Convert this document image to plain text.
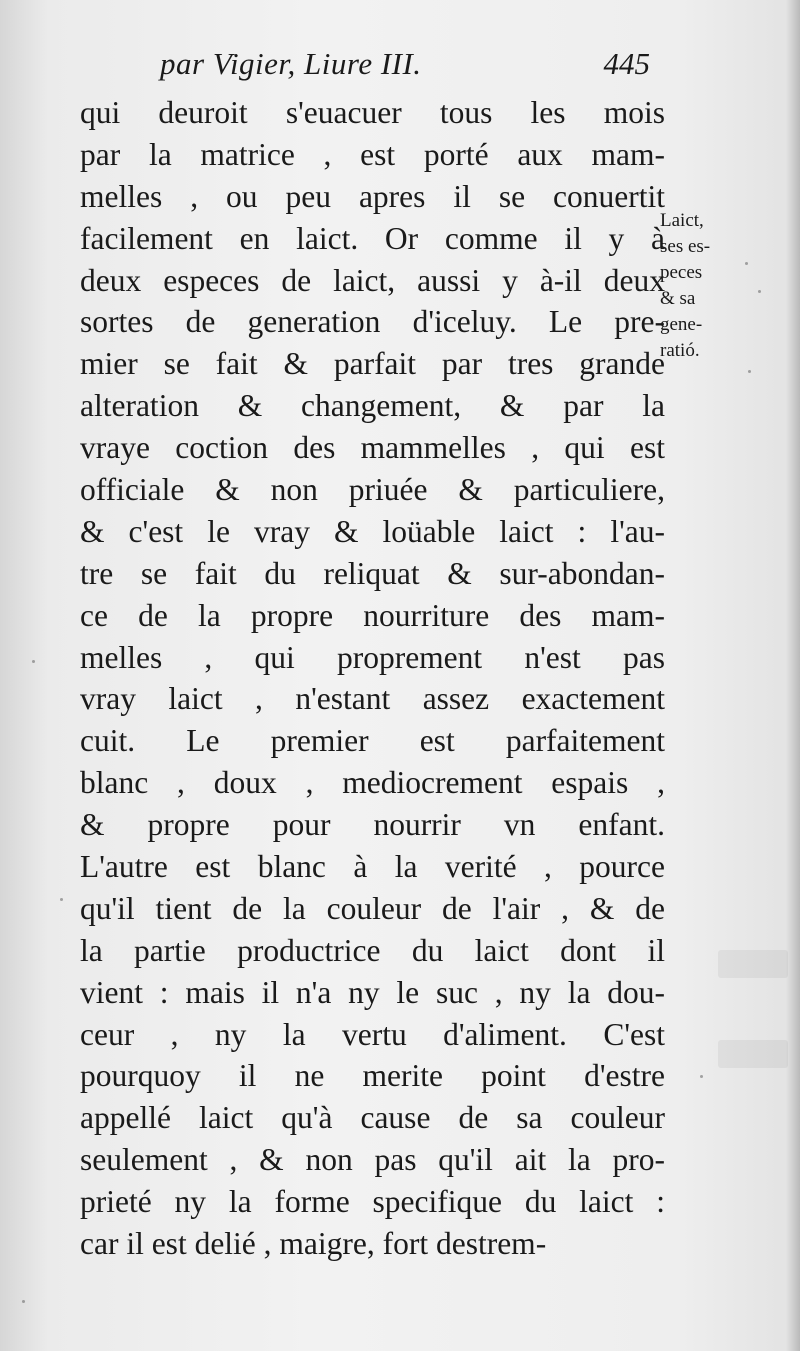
par Vigier, Liure III.	445
qui deuroit s'euacuer tous les mois
par la matrice , est porté aux mam-
melles , ou peu apres il se conuertit
facilement en laict. Or comme il y à
deux especes de laict, aussi y à-il deux
sortes de generation d'iceluy. Le pre-
mier se fait & parfait par tres grande
alteration & changement, & par la
vraye coction des mammelles , qui est
officiale & non priuée & particuliere,
& c'est le vray & loüable laict : l'au-
tre se fait du reliquat & sur-abondan-
ce de la propre nourriture des mam-
melles , qui proprement n'est pas
vray laict , n'estant assez exactement
cuit. Le premier est parfaitement
blanc , doux , mediocrement espais ,
& propre pour nourrir vn enfant.
L'autre est blanc à la verité , pource
qu'il tient de la couleur de l'air , & de
la partie productrice du laict dont il
vient : mais il n'a ny le suc , ny la dou-
ceur , ny la vertu d'aliment. C'est
pourquoy il ne merite point d'estre
appellé laict qu'à cause de sa couleur
seulement , & non pas qu'il ait la pro-
prieté ny la forme specifique du laict :
car il est delié , maigre, fort destrem-
Laict,
ses es-
peces
& sa
gene-
ratió.
